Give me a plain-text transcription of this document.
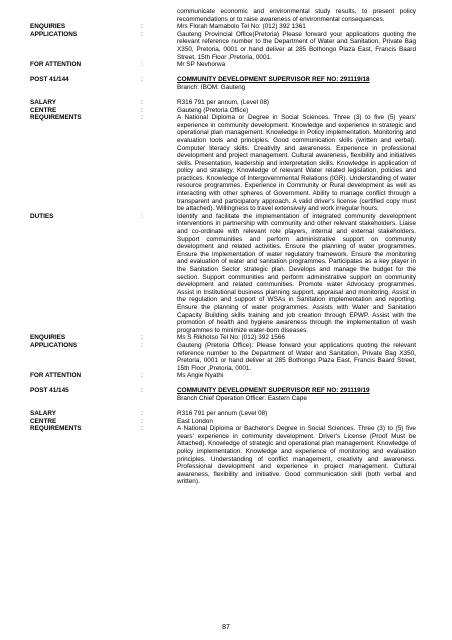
communicate economic and environmental study results, to present policy recommendations or to raise awareness of environmental consequences.
ENQUIRIES	:	Mrs Florah Mamabolo Tel No: (012) 392 1361
APPLICATIONS	:	Gauteng Provincial Office(Pretoria) Please forward your applications quoting the relevant reference number to the Department of Water and Sanitation, Private Bag X350, Pretoria, 0001 or hand deliver at 285 Bothongo Plaza East, Francis Baard Street, 15th Floor ,Pretoria, 0001.
FOR ATTENTION	:	Mr SP Nevhorwa
POST 41/144	:	COMMUNITY DEVELOPMENT SUPERVISOR REF NO: 291119/18
Branch: IBOM: Gauteng
SALARY	:	R316 791 per annum, (Level 08)
CENTRE	:	Gauteng (Pretoria Office)
REQUIREMENTS	:	A National Diploma or Degree in Social Sciences. Three (3) to five (5) years' experience in community development. Knowledge and experience in strategic and operational plan management. Knowledge in Policy implementation. Monitoring and evaluation tools and principles. Good communication skills (written and verbal). Computer literacy skills. Creativity and awareness. Experience in professional development and project management. Cultural awareness, flexibility and initiatives skills. Presentation, leadership and interpretation skills. Knowledge in application of policy and strategy. Knowledge of relevant Water related legislation, policies and practices. Knowledge of Intergovernmental Relations (IGR). Understanding of water resource programmes. Experience in Community or Rural development as well as interacting with other spheres of Government. Ability to manage conflict through a transparent and participatory approach. A valid driver's license (certified copy must be attached). Willingness to travel extensively and work irregular hours.
DUTIES	:	Identify and facilitate the implementation of integrated community development interventions in partnership with community and other relevant stakeholders. Liaise and co-ordinate with relevant role players, internal and external stakeholders. Support communities and perform administrative support on community development and related activities. Ensure the planning of water programmes. Ensure the implementation of water regulatory framework. Ensure the monitoring and evaluation of water and sanitation programmes. Participates as a key player in the Sanitation Sector strategic plan. Develops and manage the budget for the section. Support communities and perform administrative support on community development and related communities. Promote water Advocacy programmes. Assist in Institutional business planning support, appraisal and monitoring. Assist in the regulation and support of WSAs in Sanitation implementation and reporting. Ensure the planning of water programmes. Assists with Water and Sanitation Capacity Building skills training and job creation through EPWP. Assist with the promotion of health and hygiene awareness through the implementation of wash programmes to minimize water-born diseases.
ENQUIRIES	:	Ms S Rikhotso Tel No: (012) 392 1566
APPLICATIONS	:	Gauteng (Pretoria Office): Please forward your applications quoting the relevant reference number to the Department of Water and Sanitation, Private Bag X350, Pretoria, 0001 or hand deliver at 285 Bothongo Plaza East, Francis Baard Street, 15th Floor ,Pretoria, 0001.
FOR ATTENTION	:	Ms Angie Nyathi
POST 41/145	:	COMMUNITY DEVELOPMENT SUPERVISOR REF NO: 291119/19
Branch Chief Operation Officer: Eastern Cape
SALARY	:	R316 791 per annum (Level 08)
CENTRE	:	East London
REQUIREMENTS	:	A National Diploma or Bachelor's Degree in Social Sciences. Three (3) to (5) five years' experience in community development. Driver's License (Proof Must be Attached). Knowledge of strategic and operational plan management. Knowledge of policy implementation. Knowledge and experience of monitoring and evaluation principles. Understanding of conflict management, creativity and awareness. Professional development and experience in project management. Cultural awareness, flexibility and initiative. Good communication skill (both verbal and written).
87
